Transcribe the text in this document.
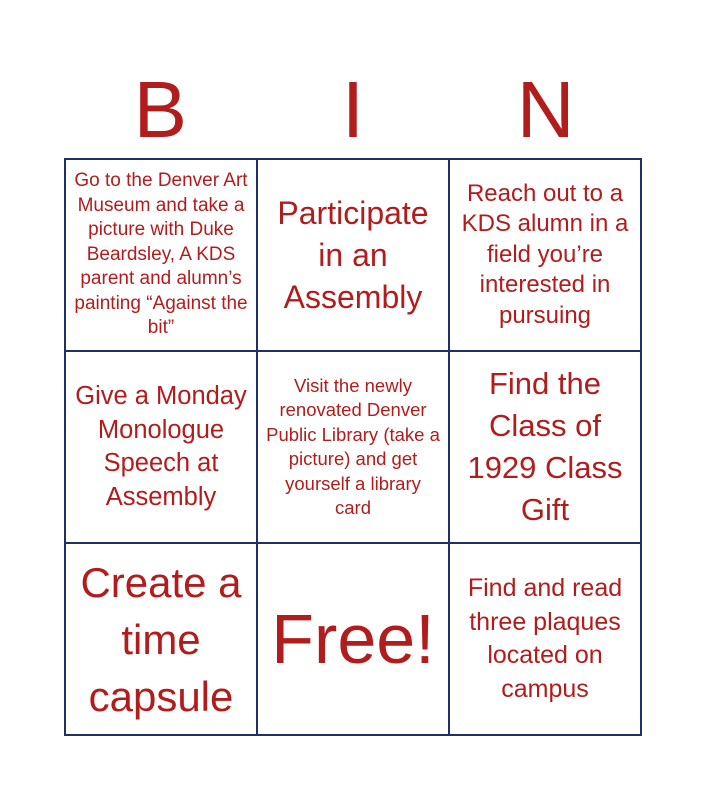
B	I	N
Go to the Denver Art Museum and take a picture with Duke Beardsley, A KDS parent and alumn’s painting “Against the bit”
Participate in an Assembly
Reach out to a KDS alumn in a field you’re interested in pursuing
Give a Monday Monologue Speech at Assembly
Visit the newly renovated Denver Public Library (take a picture) and get yourself a library card
Find the Class of 1929 Class Gift
Create a time capsule
Free!
Find and read three plaques located on campus
